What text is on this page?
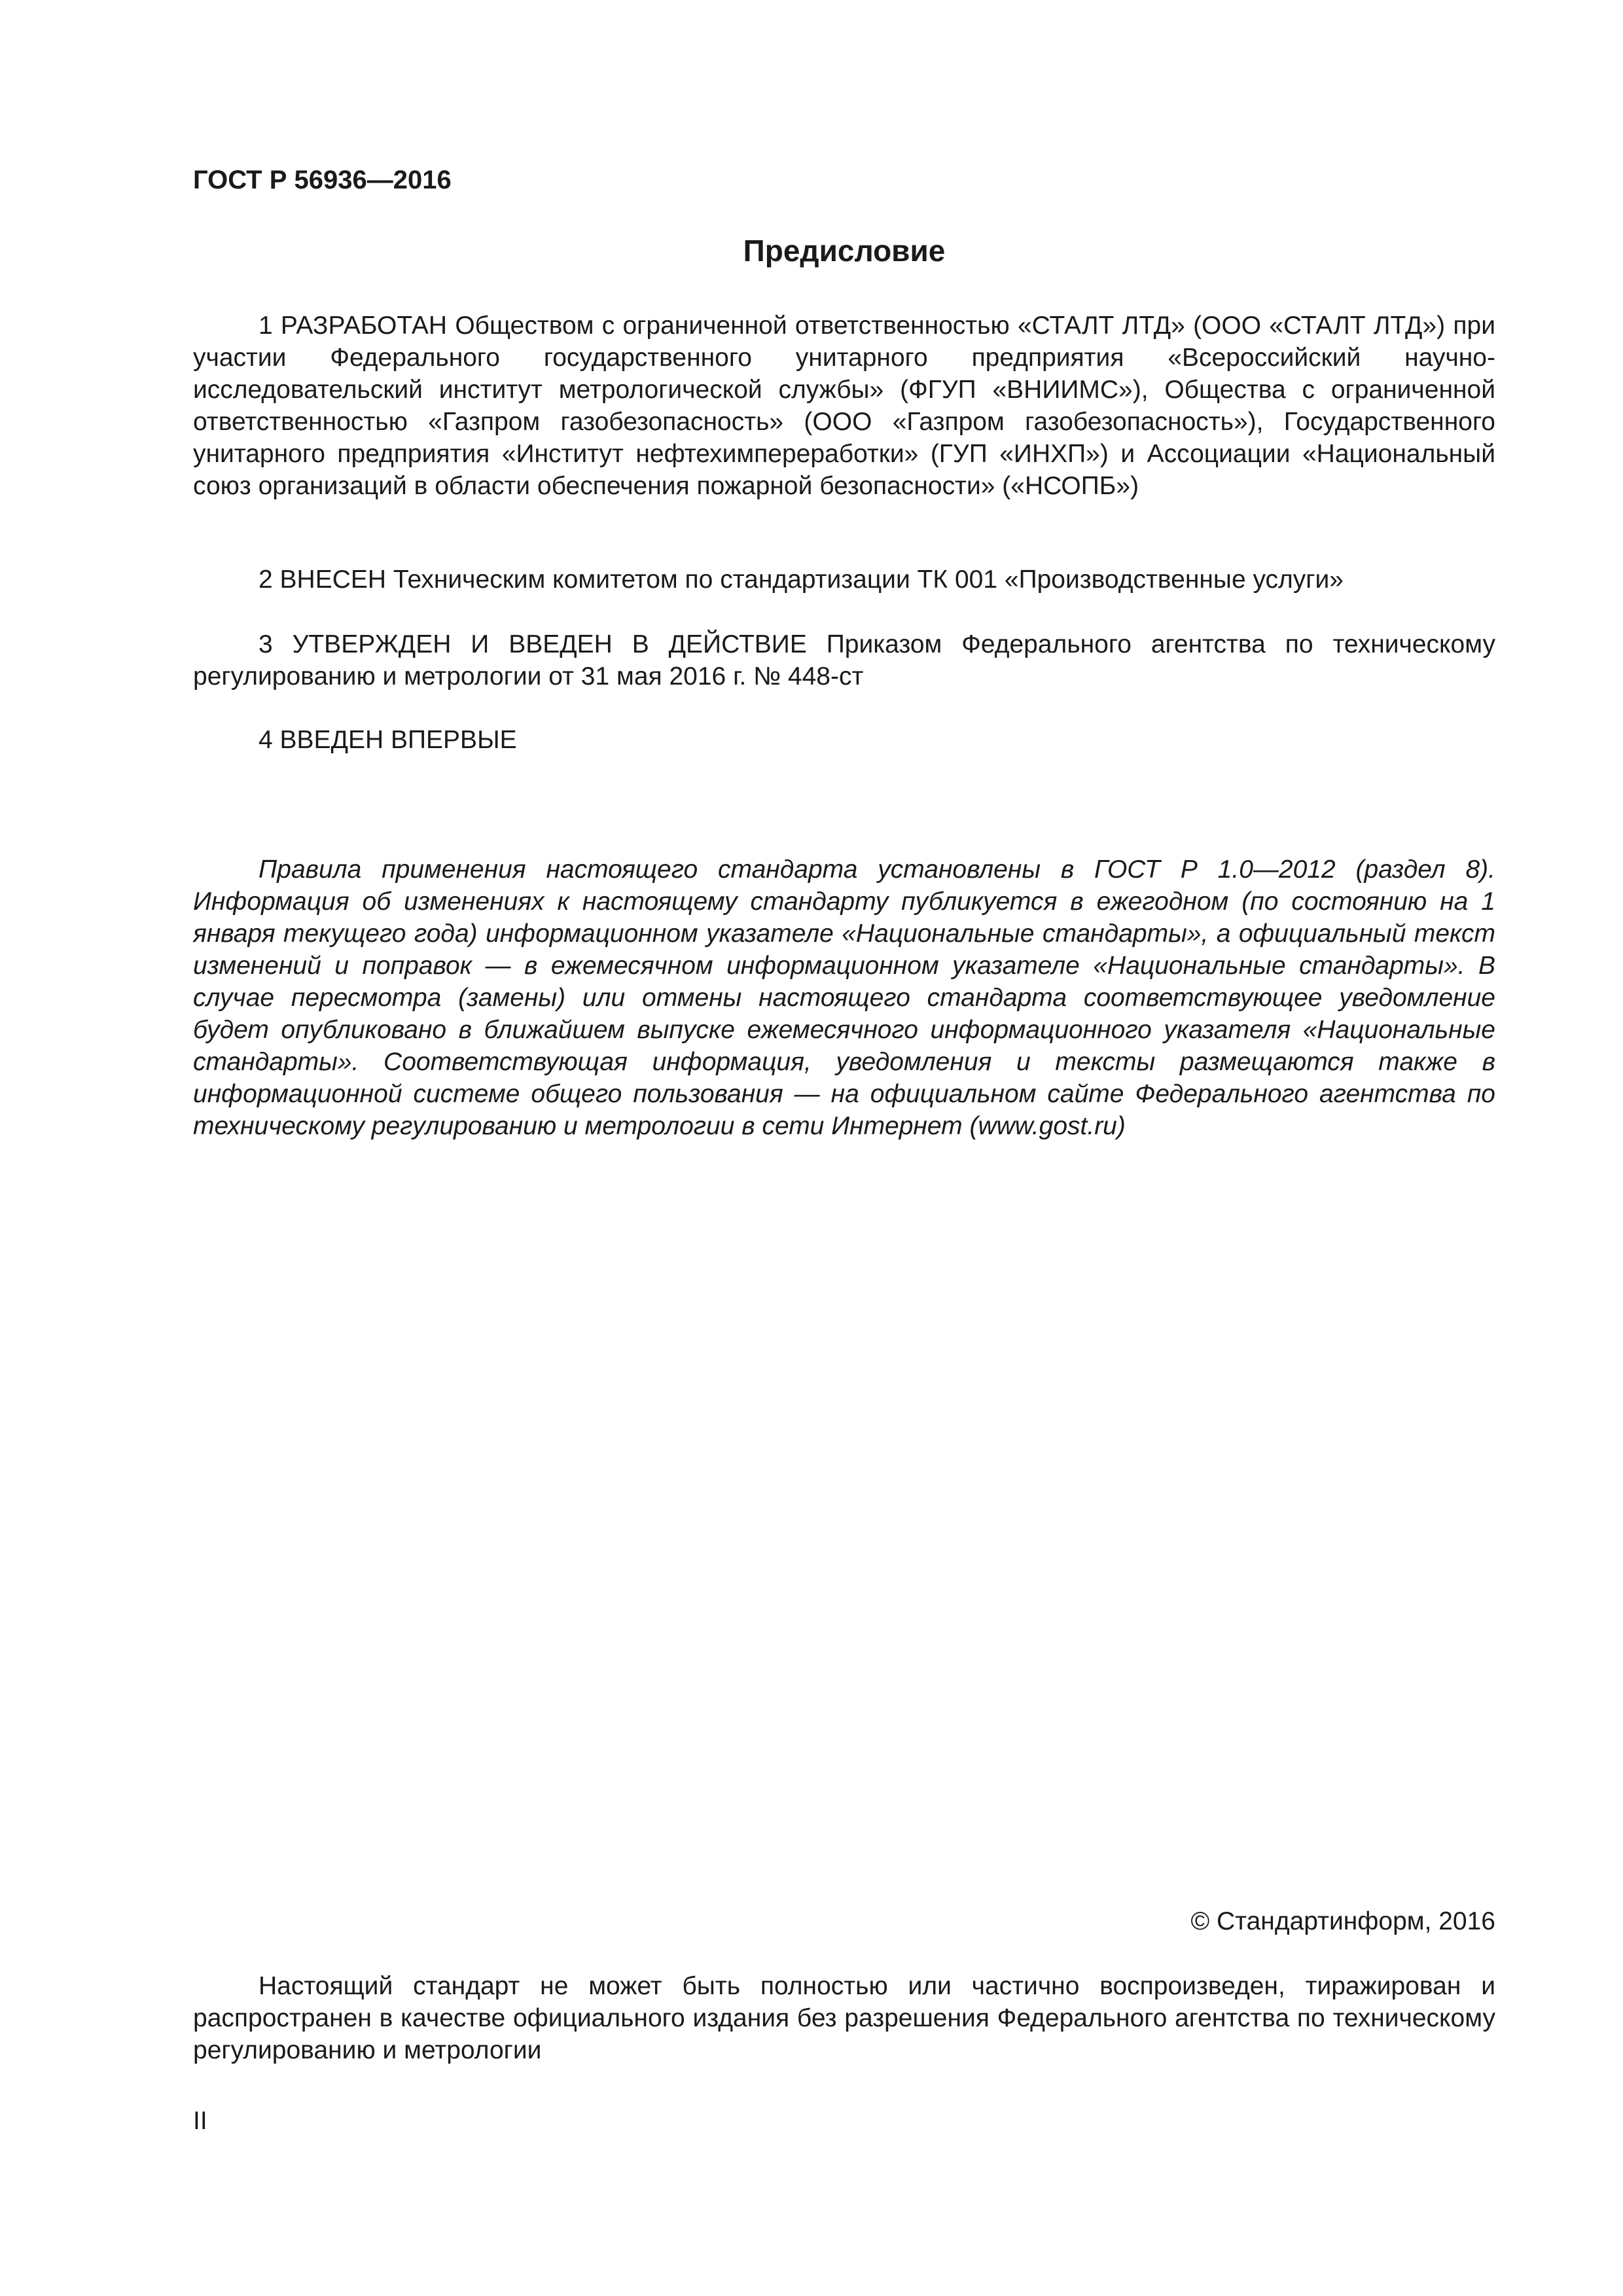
ГОСТ Р 56936—2016

Предисловие

1 РАЗРАБОТАН Обществом с ограниченной ответственностью «СТАЛТ ЛТД» (ООО «СТАЛТ ЛТД») при участии Федерального государственного унитарного предприятия «Всероссийский научно-исследовательский институт метрологической службы» (ФГУП «ВНИИМС»), Общества с ограниченной ответственностью «Газпром газобезопасность» (ООО «Газпром газобезопасность»), Государственного унитарного предприятия «Институт нефтехимпереработки» (ГУП «ИНХП») и Ассоциации «Национальный союз организаций в области обеспечения пожарной безопасности» («НСОПБ»)

2 ВНЕСЕН Техническим комитетом по стандартизации ТК 001 «Производственные услуги»

3 УТВЕРЖДЕН И ВВЕДЕН В ДЕЙСТВИЕ Приказом Федерального агентства по техническому регулированию и метрологии от 31 мая 2016 г. № 448-ст

4 ВВЕДЕН ВПЕРВЫЕ

Правила применения настоящего стандарта установлены в ГОСТ Р 1.0—2012 (раздел 8). Информация об изменениях к настоящему стандарту публикуется в ежегодном (по состоянию на 1 января текущего года) информационном указателе «Национальные стандарты», а официальный текст изменений и поправок — в ежемесячном информационном указателе «Национальные стандарты». В случае пересмотра (замены) или отмены настоящего стандарта соответствующее уведомление будет опубликовано в ближайшем выпуске ежемесячного информационного указателя «Национальные стандарты». Соответствующая информация, уведомления и тексты размещаются также в информационной системе общего пользования — на официальном сайте Федерального агентства по техническому регулированию и метрологии в сети Интернет (www.gost.ru)

© Стандартинформ, 2016

Настоящий стандарт не может быть полностью или частично воспроизведен, тиражирован и распространен в качестве официального издания без разрешения Федерального агентства по техническому регулированию и метрологии

II
